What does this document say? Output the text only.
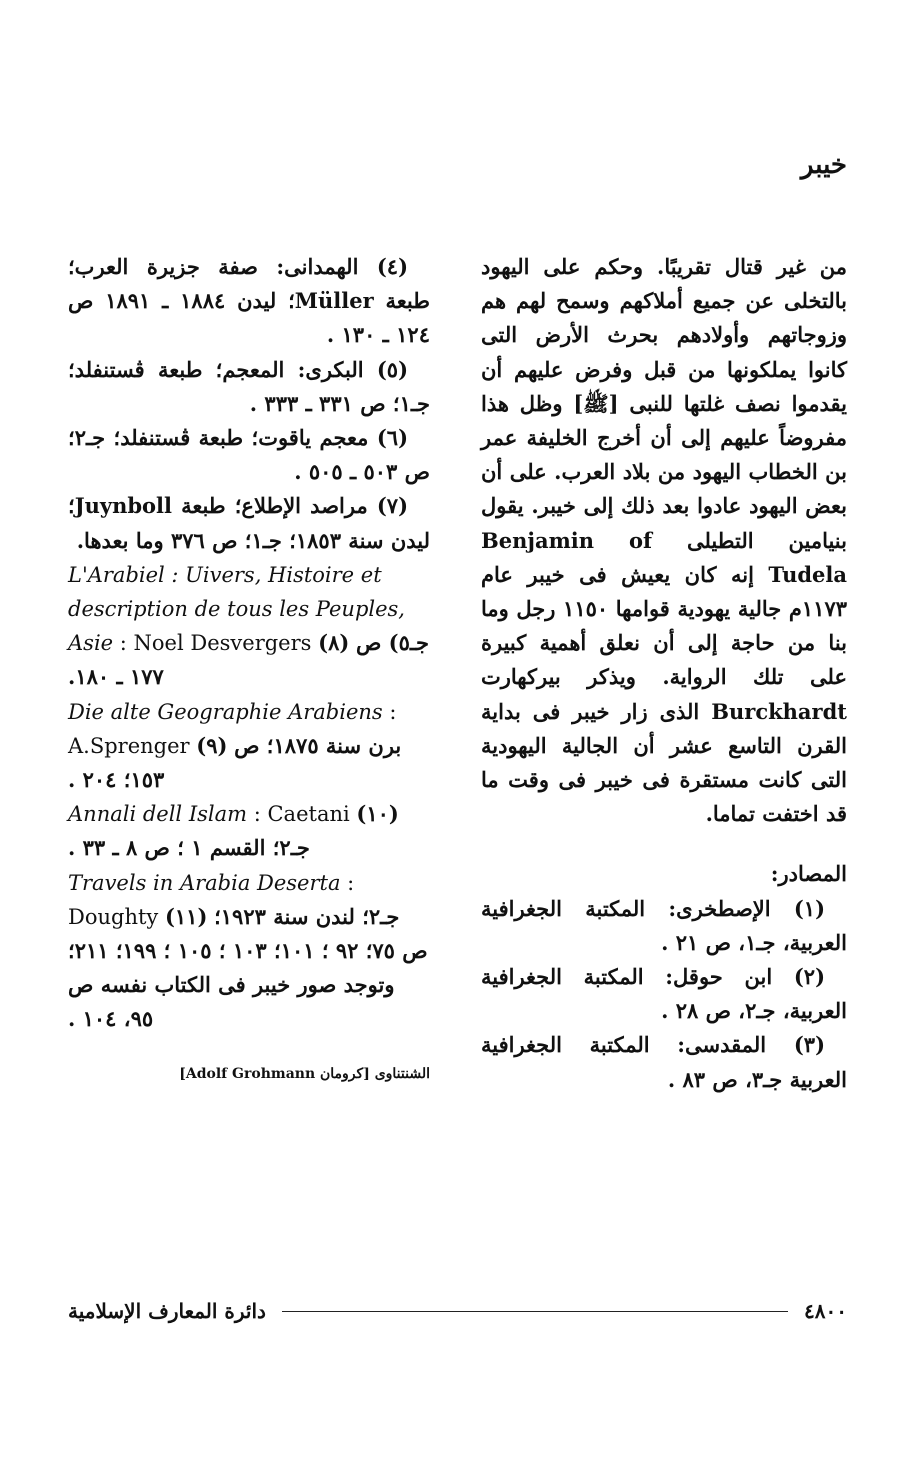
خيبر

من غير قتال تقريبًا. وحكم على اليهود بالتخلى عن جميع أملاكهم وسمح لهم هم وزوجاتهم وأولادهم بحرث الأرض التى كانوا يملكونها من قبل وفرض عليهم أن يقدموا نصف غلتها للنبى [ﷺ] وظل هذا مفروضاً عليهم إلى أن أخرج الخليفة عمر بن الخطاب اليهود من بلاد العرب. على أن بعض اليهود عادوا بعد ذلك إلى خيبر. يقول بنيامين التطيلى Benjamin of Tudela إنه كان يعيش فى خيبر عام ١١٧٣م جالية يهودية قوامها ١١٥٠ رجل وما بنا من حاجة إلى أن نعلق أهمية كبيرة على تلك الرواية. ويذكر بيركهارت Burckhardt الذى زار خيبر فى بداية القرن التاسع عشر أن الجالية اليهودية التى كانت مستقرة فى خيبر فى وقت ما قد اختفت تماما.

المصادر:

(١) الإصطخرى: المكتبة الجغرافية العربية، جـ١، ص ٢١ .

(٢) ابن حوقل: المكتبة الجغرافية العربية، جـ٢، ص ٢٨ .

(٣) المقدسى: المكتبة الجغرافية العربية جـ٣، ص ٨٣ .

(٤) الهمدانى: صفة جزيرة العرب؛ طبعة Müller؛ ليدن ١٨٨٤ ـ ١٨٩١ ص ١٢٤ ـ ١٣٠ .

(٥) البكرى: المعجم؛ طبعة ڤستنفلد؛ جـ١؛ ص ٣٣١ ـ ٣٣٣ .

(٦) معجم ياقوت؛ طبعة ڤستنفلد؛ جـ٢؛ ص ٥٠٣ ـ ٥٠٥ .

(٧) مراصد الإطلاع؛ طبعة Juynboll؛ ليدن سنة ١٨٥٣؛ جـ١؛ ص ٣٧٦ وما بعدها.

L'Arabiel : Uivers, Histoire et description de tous les Peuples, Asie : Noel Desvergers (٨) جـ٥) ص ١٧٧ ـ ١٨٠.

Die alte Geographie Arabiens : A.Sprenger (٩) برن سنة ١٨٧٥؛ ص ١٥٣؛ ٢٠٤ .

Annali dell Islam : Caetani (١٠) جـ٢؛ القسم ١ ؛ ص ٨ ـ ٣٣ .

Travels in Arabia Deserta : Doughty (١١) جـ٢؛ لندن سنة ١٩٢٣؛ ص ٧٥؛ ٩٢ ؛ ١٠١؛ ١٠٣ ؛ ١٠٥ ؛ ١٩٩؛ ٢١١؛ وتوجد صور خيبر فى الكتاب نفسه ص ٩٥، ١٠٤ .

الشنتناوى [كرومان Adolf Grohmann]
دائرة المعارف الإسلامية	٤٨٠٠
